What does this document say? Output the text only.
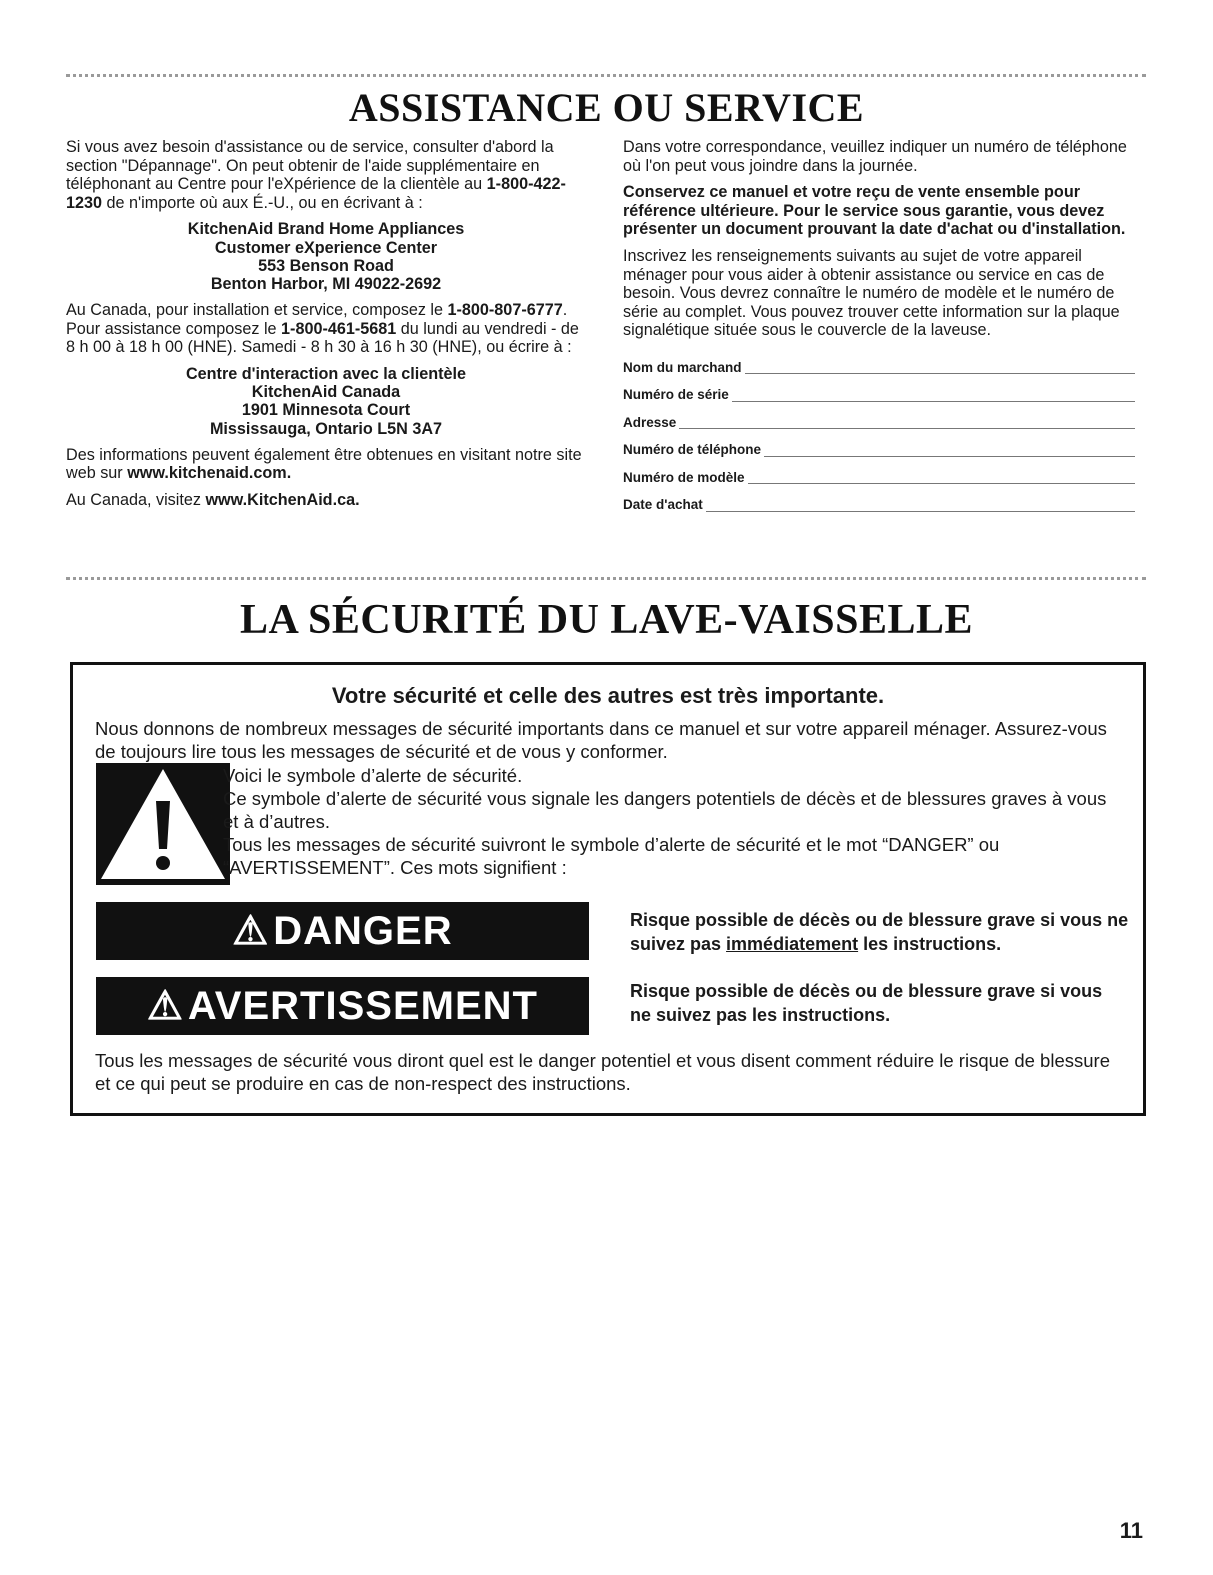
ASSISTANCE OU SERVICE

Si vous avez besoin d'assistance ou de service, consulter d'abord la section "Dépannage". On peut obtenir de l'aide supplémentaire en téléphonant au Centre pour l'eXpérience de la clientèle au 1-800-422-1230 de n'importe où aux É.-U., ou en écrivant à :

KitchenAid Brand Home Appliances
Customer eXperience Center
553 Benson Road
Benton Harbor, MI 49022-2692

Au Canada, pour installation et service, composez le 1-800-807-6777. Pour assistance composez le 1-800-461-5681 du lundi au vendredi - de 8 h 00 à 18 h 00 (HNE). Samedi - 8 h 30 à 16 h 30 (HNE), ou écrire à :

Centre d'interaction avec la clientèle
KitchenAid Canada
1901 Minnesota Court
Mississauga, Ontario L5N 3A7

Des informations peuvent également être obtenues en visitant notre site web sur www.kitchenaid.com.

Au Canada, visitez www.KitchenAid.ca.

Dans votre correspondance, veuillez indiquer un numéro de téléphone où l'on peut vous joindre dans la journée.

Conservez ce manuel et votre reçu de vente ensemble pour référence ultérieure. Pour le service sous garantie, vous devez présenter un document prouvant la date d'achat ou d'installation.

Inscrivez les renseignements suivants au sujet de votre appareil ménager pour vous aider à obtenir assistance ou service en cas de besoin. Vous devrez connaître le numéro de modèle et le numéro de série au complet. Vous pouvez trouver cette information sur la plaque signalétique située sous le couvercle de la laveuse.

Nom du marchand
Numéro de série
Adresse
Numéro de téléphone
Numéro de modèle
Date d'achat
LA SÉCURITÉ DU LAVE-VAISSELLE
Votre sécurité et celle des autres est très importante.
Nous donnons de nombreux messages de sécurité importants dans ce manuel et sur votre appareil ménager. Assurez-vous de toujours lire tous les messages de sécurité et de vous y conformer.
Voici le symbole d’alerte de sécurité.
Ce symbole d’alerte de sécurité vous signale les dangers potentiels de décès et de blessures graves à vous et à d’autres.
Tous les messages de sécurité suivront le symbole d’alerte de sécurité et le mot “DANGER” ou “AVERTISSEMENT”. Ces mots signifient :
⚠ DANGER	Risque possible de décès ou de blessure grave si vous ne suivez pas immédiatement les instructions.
⚠ AVERTISSEMENT	Risque possible de décès ou de blessure grave si vous ne suivez pas les instructions.
Tous les messages de sécurité vous diront quel est le danger potentiel et vous disent comment réduire le risque de blessure et ce qui peut se produire en cas de non-respect des instructions.
11
